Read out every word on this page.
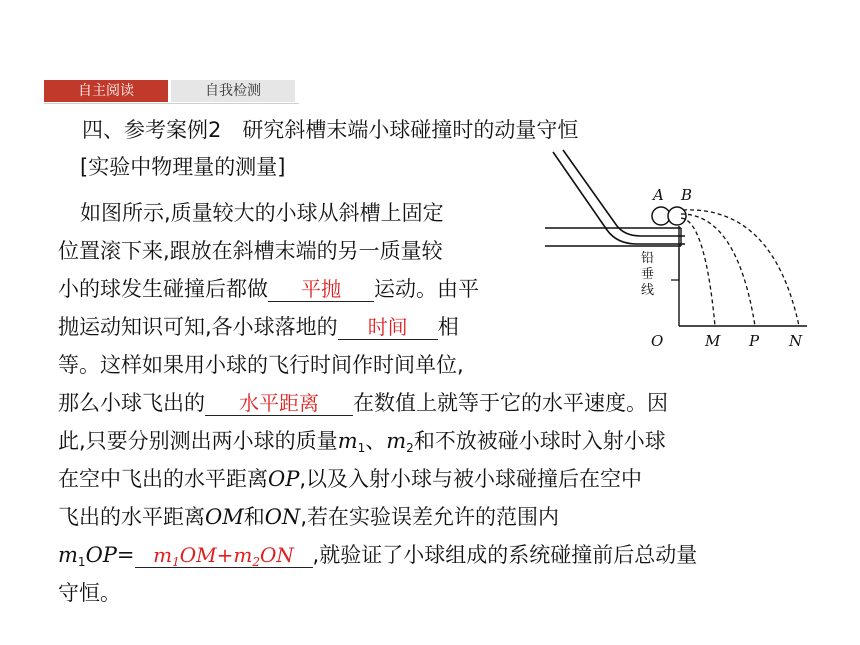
自主阅读	自我检测
四、参考案例2　研究斜槽末端小球碰撞时的动量守恒
[实验中物理量的测量]
如图所示,质量较大的小球从斜槽上固定
位置滚下来,跟放在斜槽末端的另一质量较
小的球发生碰撞后都做 平抛 运动。由平
抛运动知识可知,各小球落地的 时间 相
等。这样如果用小球的飞行时间作时间单位,
那么小球飞出的 水平距离 在数值上就等于它的水平速度。因
此,只要分别测出两小球的质量$m_1$、$m_2$和不放被碰小球时入射小球
在空中飞出的水平距离OP,以及入射小球与被小球碰撞后在空中
飞出的水平距离OM和ON,若在实验误差允许的范围内
$m_1OP= m_1OM+m_2ON$ ,就验证了小球组成的系统碰撞前后总动量
守恒。
A B
铅
垂
线
O	M P N
